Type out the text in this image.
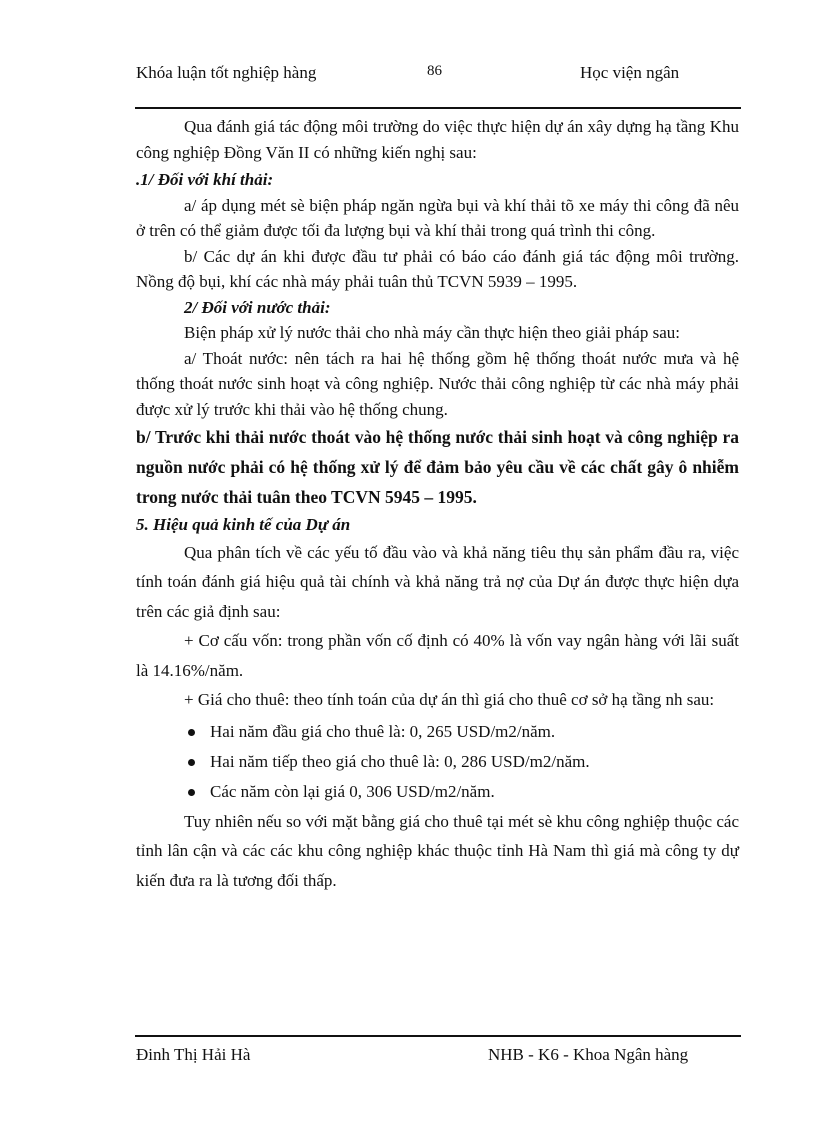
Khóa luận tốt nghiệp hàng	86	Học viện ngân

Qua đánh giá tác động môi trường do việc thực hiện dự án xây dựng hạ tầng Khu công nghiệp Đồng Văn II có những kiến nghị sau:

.1/ Đối với khí thải:

a/ áp dụng mét sè biện pháp ngăn ngừa bụi và khí thải tõ xe máy thi công đã nêu ở trên có thể giảm được tối đa lượng bụi và khí thải trong quá trình thi công.

b/ Các dự án khi được đầu tư phải có báo cáo đánh giá tác động môi trường. Nồng độ bụi, khí các nhà máy phải tuân thủ TCVN 5939 – 1995.

2/ Đối với nước thải:

Biện pháp xử lý nước thải cho nhà máy cần thực hiện theo giải pháp sau:

a/ Thoát nước: nên tách ra hai hệ thống gồm hệ thống thoát nước mưa và hệ thống thoát nước sinh hoạt và công nghiệp. Nước thải công nghiệp từ các nhà máy phải được xử lý trước khi thải vào hệ thống chung.

b/ Trước khi thải nước thoát vào hệ thống nước thải sinh hoạt và công nghiệp ra nguồn nước phải có hệ thống xử lý để đảm bảo yêu cầu về các chất gây ô nhiễm trong nước thải tuân theo TCVN 5945 – 1995.

5. Hiệu quả kinh tế của Dự án

Qua phân tích về các yếu tố đầu vào và khả năng tiêu thụ sản phẩm đầu ra, việc tính toán đánh giá hiệu quả tài chính và khả năng trả nợ của Dự án được thực hiện dựa trên các giả định sau:

+ Cơ cấu vốn: trong phần vốn cố định có 40% là vốn vay ngân hàng với lãi suất là 14.16%/năm.

+ Giá cho thuê: theo tính toán của dự án thì giá cho thuê cơ sở hạ tầng nh sau:

Hai năm đầu giá cho thuê là: 0, 265 USD/m2/năm.
Hai năm tiếp theo giá cho thuê là: 0, 286 USD/m2/năm.
Các năm còn lại giá 0, 306 USD/m2/năm.

Tuy nhiên nếu so với mặt bằng giá cho thuê tại mét sè khu công nghiệp thuộc các tỉnh lân cận và các các khu công nghiệp khác thuộc tỉnh Hà Nam thì giá mà công ty dự kiến đưa ra là tương đối thấp.

Đinh Thị Hải Hà	NHB - K6 - Khoa Ngân hàng
